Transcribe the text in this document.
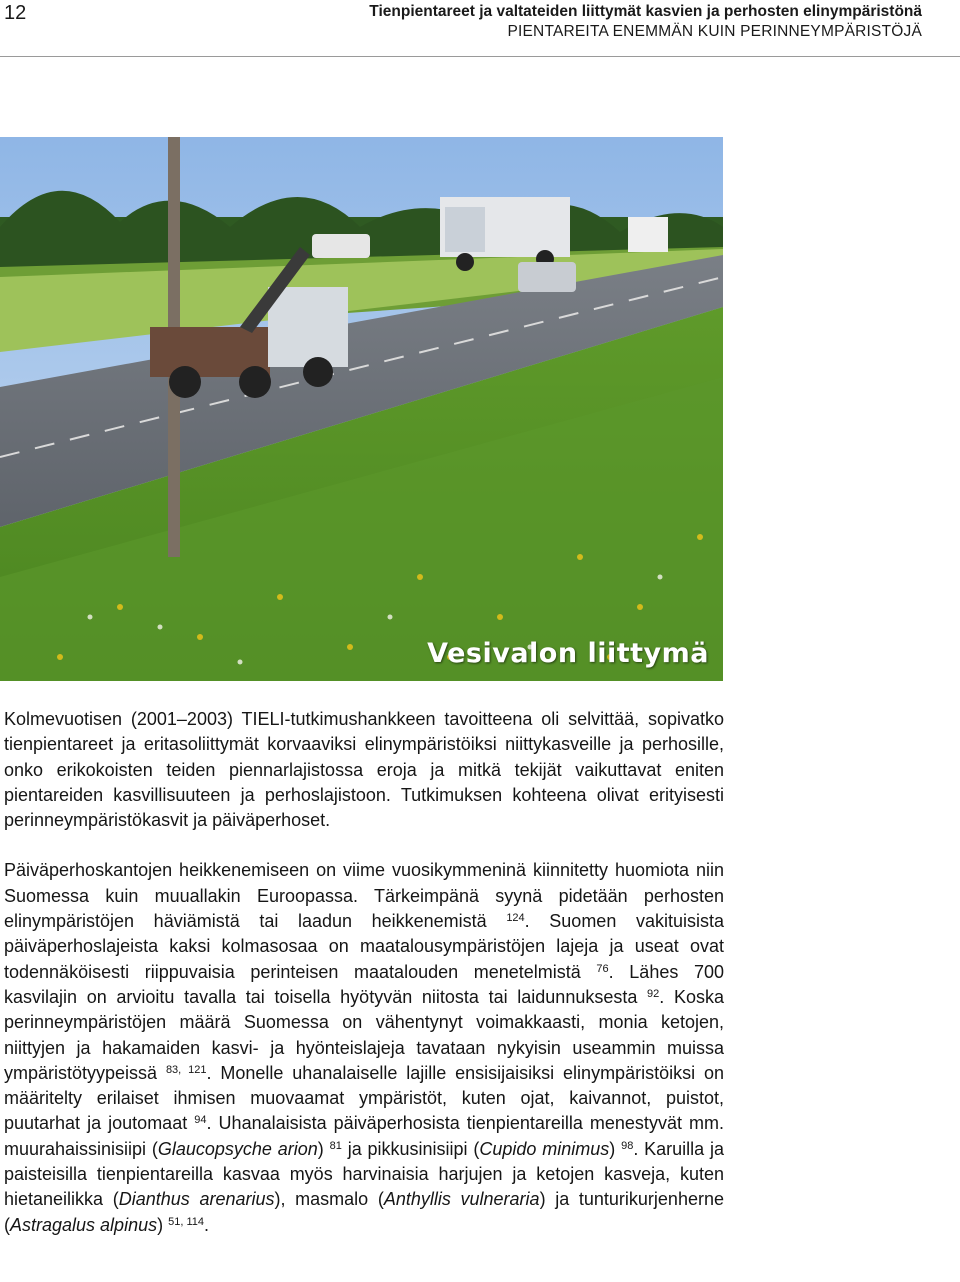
12	Tienpientareet ja valtateiden liittymät kasvien ja perhosten elinympäristönä
PIENTAREITA ENEMMÄN KUIN PERINNEYMPÄRISTÖJÄ
Vesivalon liittymä

Kolmevuotisen (2001–2003) TIELI-tutkimushankkeen tavoitteena oli selvittää, sopivatko tienpientareet ja eritasoliittymät korvaaviksi elinympäristöiksi niittykasveille ja perhosille, onko erikokoisten teiden piennarlajistossa eroja ja mitkä tekijät vaikuttavat eniten pientareiden kasvillisuuteen ja perhoslajistoon. Tutkimuksen kohteena olivat erityisesti perinneympäristökasvit ja päiväperhoset.

Päiväperhoskantojen heikkenemiseen on viime vuosikymmeninä kiinnitetty huomiota niin Suomessa kuin muuallakin Euroopassa. Tärkeimpänä syynä pidetään perhosten elinympäristöjen häviämistä tai laadun heikkenemistä $^{124}$. Suomen vakituisista päiväperhoslajeista kaksi kolmasosaa on maatalousympäristöjen lajeja ja useat ovat todennäköisesti riippuvaisia perinteisen maatalouden menetelmistä $^{76}$. Lähes 700 kasvilajin on arvioitu tavalla tai toisella hyötyvän niitosta tai laidunnuksesta $^{92}$. Koska perinneympäristöjen määrä Suomessa on vähentynyt voimakkaasti, monia ketojen, niittyjen ja hakamaiden kasvi- ja hyönteislajeja tavataan nykyisin useammin muissa ympäristötyypeissä $^{83, 121}$. Monelle uhanalaiselle lajille ensisijaisiksi elinympäristöiksi on määritelty erilaiset ihmisen muovaamat ympäristöt, kuten ojat, kaivannot, puistot, puutarhat ja joutomaat $^{94}$. Uhanalaisista päiväperhosista tienpientareilla menestyvät mm. muurahaissinisiipi (Glaucopsyche arion) $^{81}$ ja pikkusinisiipi (Cupido minimus) $^{98}$. Karuilla ja paisteisilla tienpientareilla kasvaa myös harvinaisia harjujen ja ketojen kasveja, kuten hietaneilikka (Dianthus arenarius), masmalo (Anthyllis vulneraria) ja tunturikurjenherne (Astragalus alpinus) $^{51, 114}$.
